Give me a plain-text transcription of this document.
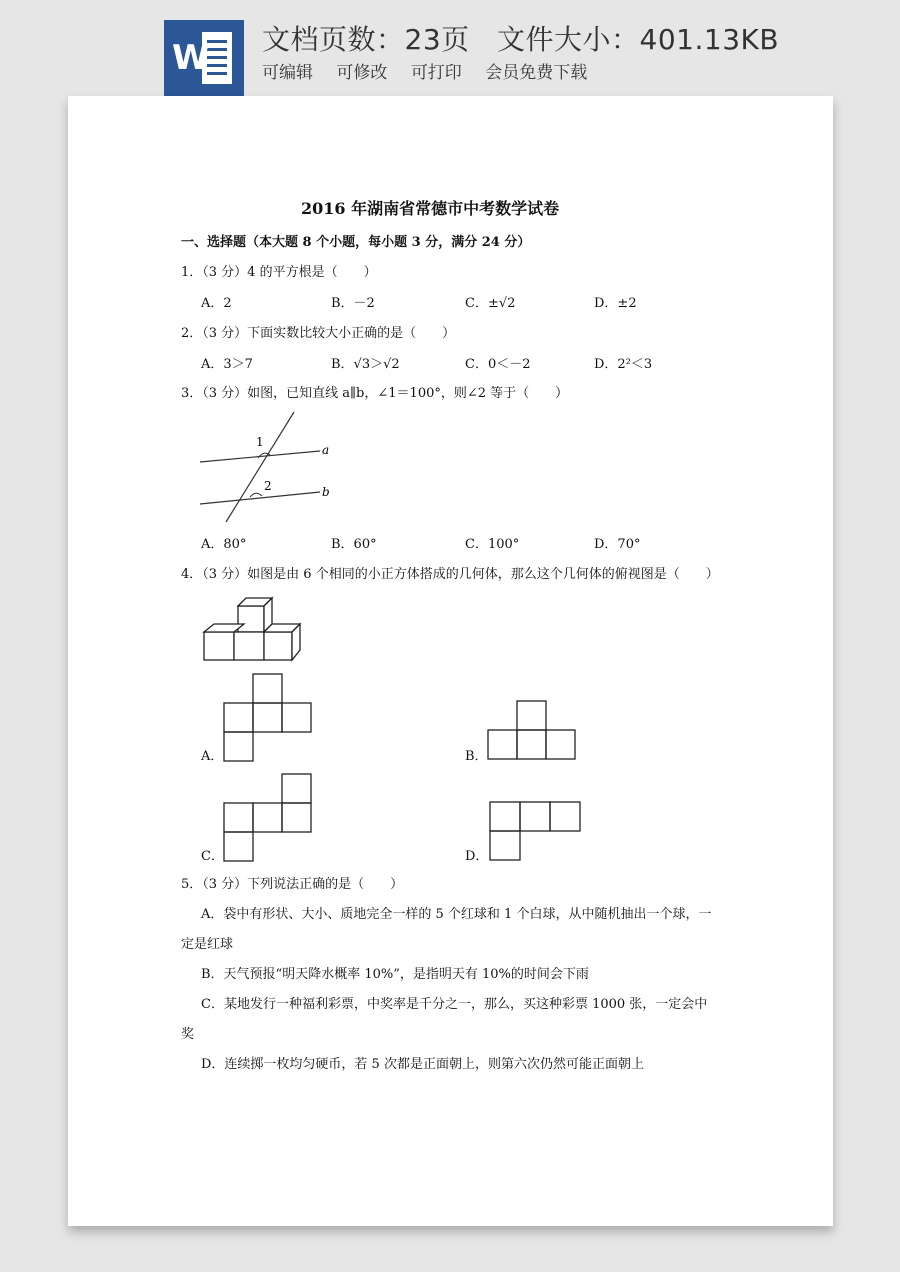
W 文档页数：23页 文件大小：401.13KB
可编辑 可修改 可打印 会员免费下载
2016 年湖南省常德市中考数学试卷
一、选择题（本大题 8 个小题，每小题 3 分，满分 24 分）
1．（3 分）4 的平方根是（　　）
A．2	B．－2	C．±√2	D．±2
2．（3 分）下面实数比较大小正确的是（　　）
A．3＞7	B．√3＞√2	C．0＜－2	D．2²＜3
3．（3 分）如图，已知直线 a∥b，∠1＝100°，则∠2 等于（　　）
1
2
a
b
A．80°	B．60°	C．100°	D．70°
4．（3 分）如图是由 6 个相同的小正方体搭成的几何体，那么这个几何体的俯视图是（　　）
A．	B．
C．	D．
5．（3 分）下列说法正确的是（　　）
A．袋中有形状、大小、质地完全一样的 5 个红球和 1 个白球，从中随机抽出一个球，一
定是红球
B．天气预报“明天降水概率 10%”，是指明天有 10%的时间会下雨
C．某地发行一种福利彩票，中奖率是千分之一，那么，买这种彩票 1000 张，一定会中
奖
D．连续掷一枚均匀硬币，若 5 次都是正面朝上，则第六次仍然可能正面朝上
